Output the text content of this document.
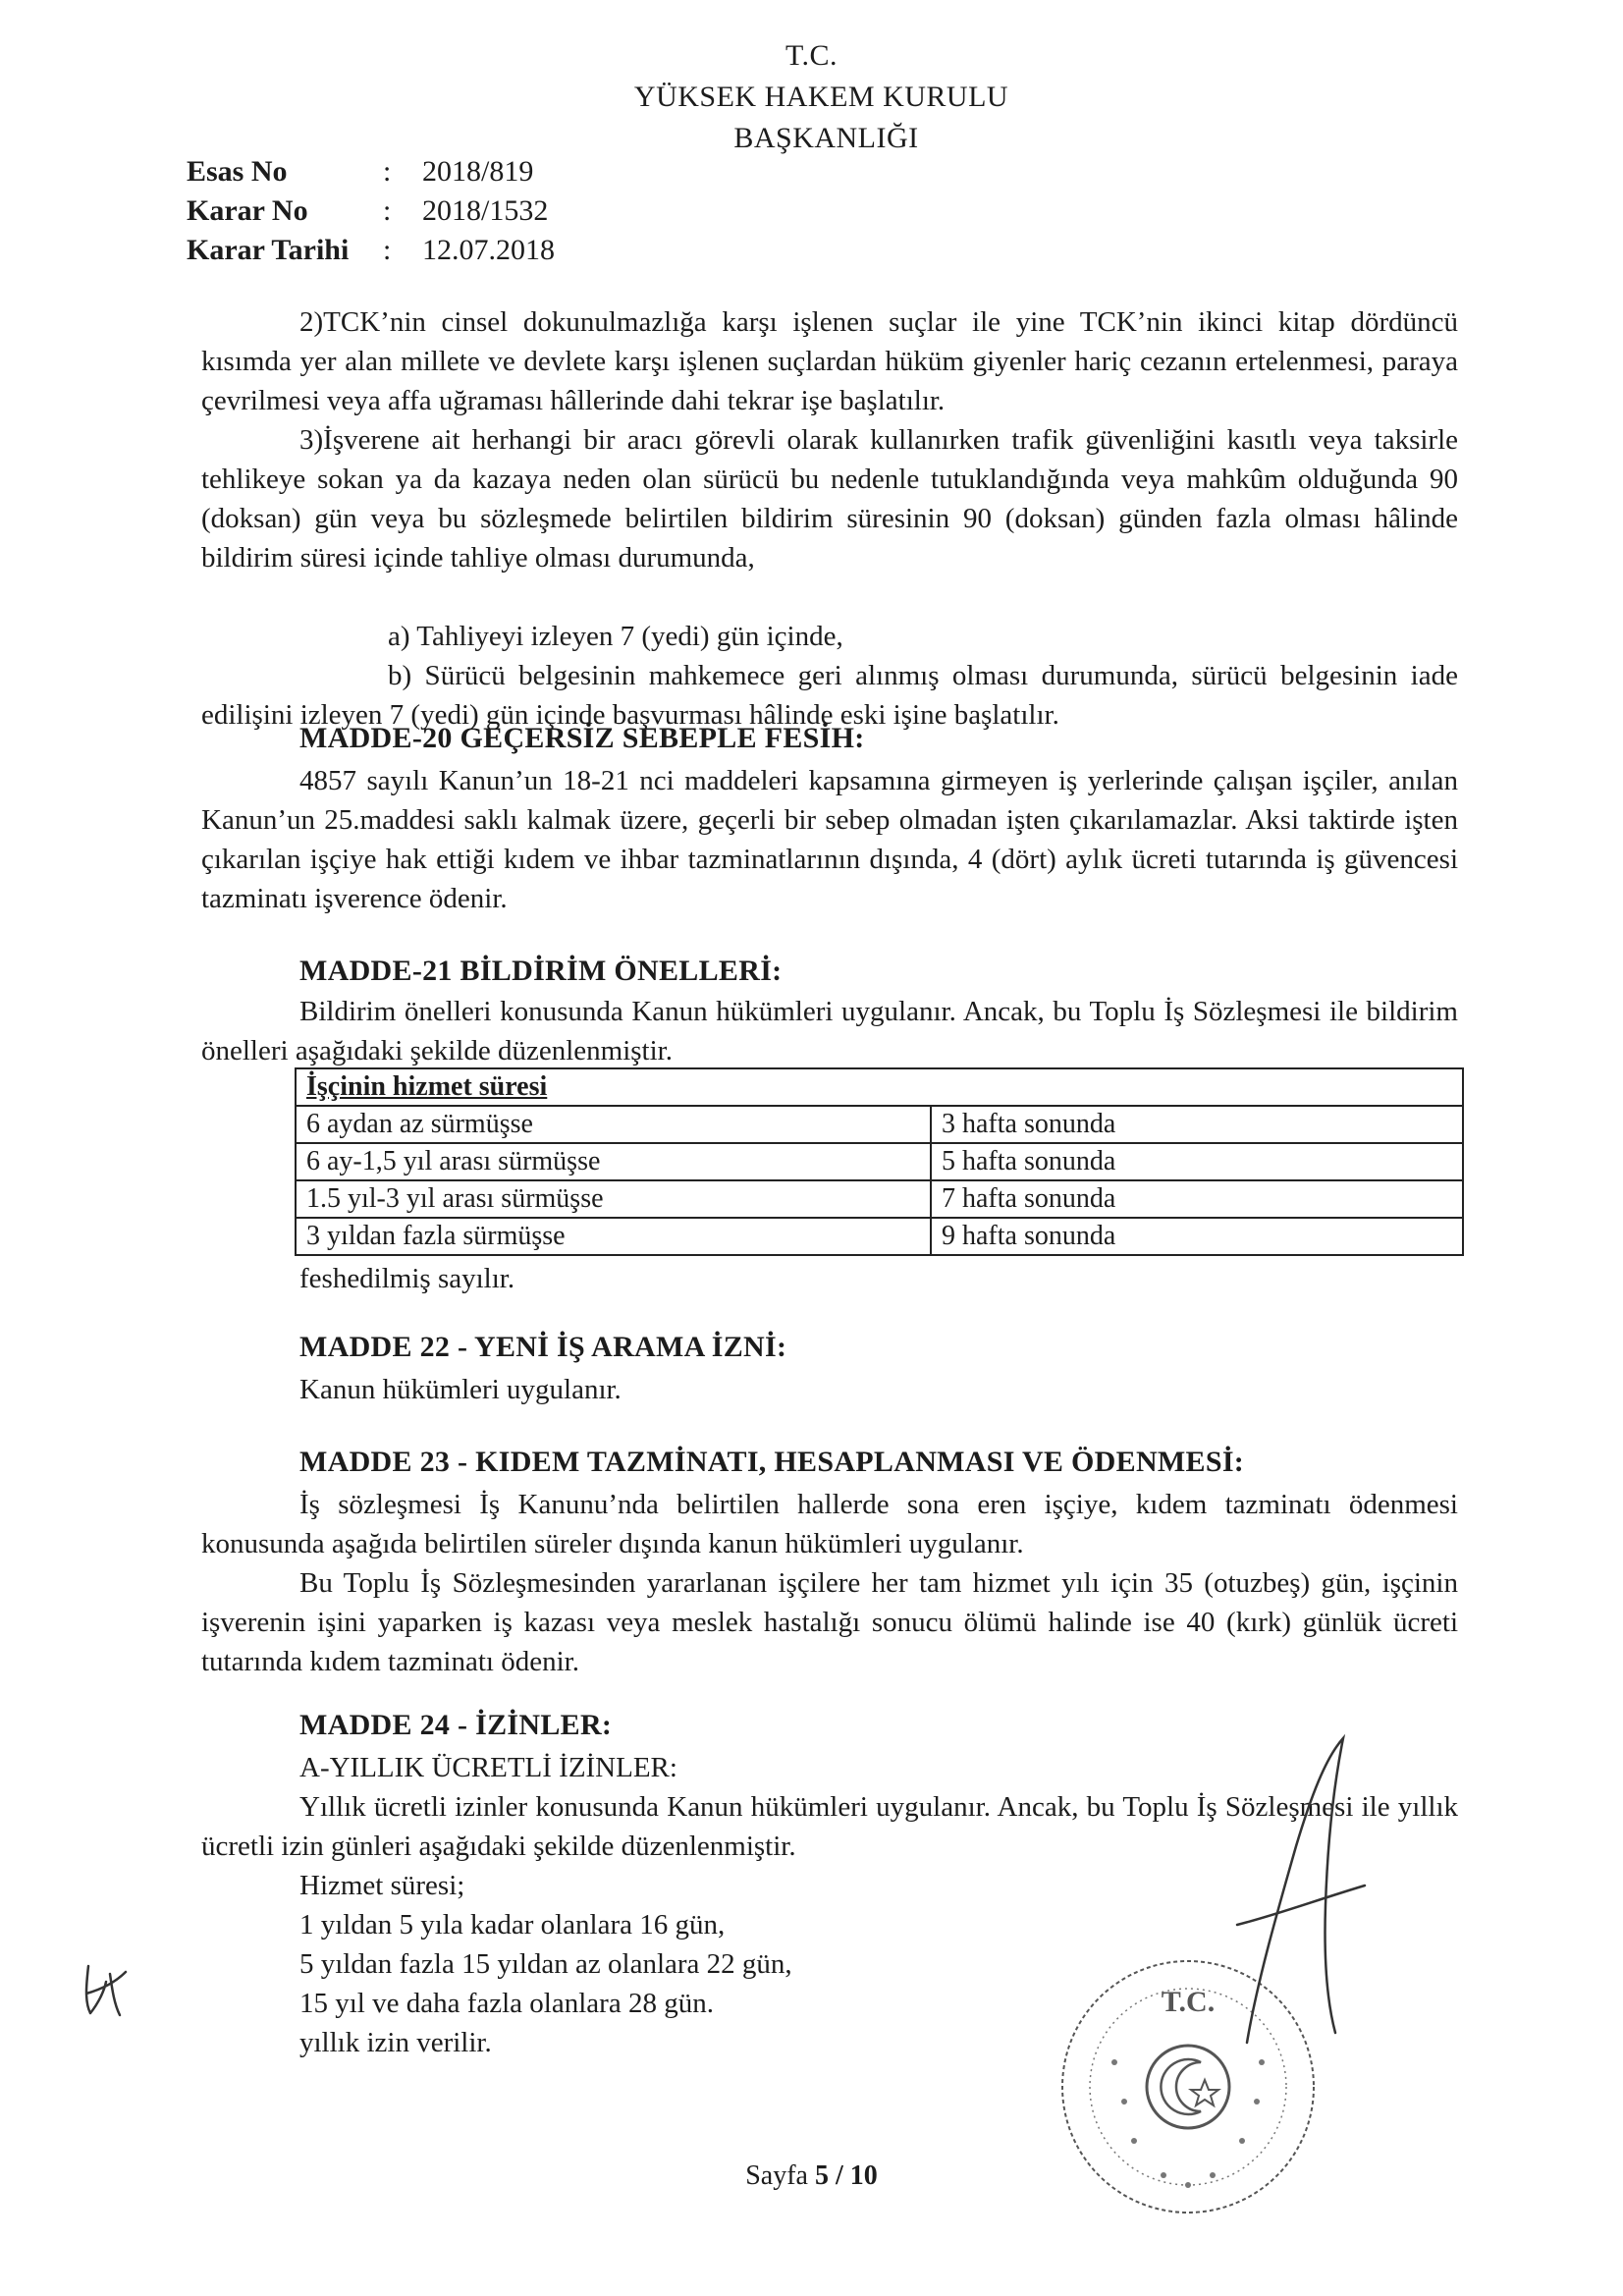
T.C.
YÜKSEK HAKEM KURULU
BAŞKANLIĞI
Esas No	: 2018/819
Karar No	: 2018/1532
Karar Tarihi : 12.07.2018
2)TCK’nin cinsel dokunulmazlığa karşı işlenen suçlar ile yine TCK’nin ikinci kitap dördüncü kısımda yer alan millete ve devlete karşı işlenen suçlardan hüküm giyenler hariç cezanın ertelenmesi, paraya çevrilmesi veya affa uğraması hâllerinde dahi tekrar işe başlatılır.
3)İşverene ait herhangi bir aracı görevli olarak kullanırken trafik güvenliğini kasıtlı veya taksirle tehlikeye sokan ya da kazaya neden olan sürücü bu nedenle tutuklandığında veya mahkûm olduğunda 90 (doksan) gün veya bu sözleşmede belirtilen bildirim süresinin 90 (doksan) günden fazla olması hâlinde bildirim süresi içinde tahliye olması durumunda,
a) Tahliyeyi izleyen 7 (yedi) gün içinde,
b) Sürücü belgesinin mahkemece geri alınmış olması durumunda, sürücü belgesinin iade edilişini izleyen 7 (yedi) gün içinde başvurması hâlinde eski işine başlatılır.
MADDE-20 GEÇERSİZ SEBEPLE FESİH:
4857 sayılı Kanun’un 18-21 nci maddeleri kapsamına girmeyen iş yerlerinde çalışan işçiler, anılan Kanun’un 25.maddesi saklı kalmak üzere, geçerli bir sebep olmadan işten çıkarılamazlar. Aksi taktirde işten çıkarılan işçiye hak ettiği kıdem ve ihbar tazminatlarının dışında, 4 (dört) aylık ücreti tutarında iş güvencesi tazminatı işverence ödenir.
MADDE-21 BİLDİRİM ÖNELLERİ:
Bildirim önelleri konusunda Kanun hükümleri uygulanır. Ancak, bu Toplu İş Sözleşmesi ile bildirim önelleri aşağıdaki şekilde düzenlenmiştir.
İşçinin hizmet süresi	
6 aydan az sürmüşse	3 hafta sonunda
6 ay-1,5 yıl arası sürmüşse	5 hafta sonunda
1.5 yıl-3 yıl arası sürmüşse	7 hafta sonunda
3 yıldan fazla sürmüşse	9 hafta sonunda
feshedilmiş sayılır.
MADDE 22 - YENİ İŞ ARAMA İZNİ:
Kanun hükümleri uygulanır.
MADDE 23 - KIDEM TAZMİNATI, HESAPLANMASI VE ÖDENMESİ:
İş sözleşmesi İş Kanunu’nda belirtilen hallerde sona eren işçiye, kıdem tazminatı ödenmesi konusunda aşağıda belirtilen süreler dışında kanun hükümleri uygulanır.
Bu Toplu İş Sözleşmesinden yararlanan işçilere her tam hizmet yılı için 35 (otuzbeş) gün, işçinin işverenin işini yaparken iş kazası veya meslek hastalığı sonucu ölümü halinde ise 40 (kırk) günlük ücreti tutarında kıdem tazminatı ödenir.
MADDE 24 - İZİNLER:
A-YILLIK ÜCRETLİ İZİNLER:
Yıllık ücretli izinler konusunda Kanun hükümleri uygulanır. Ancak, bu Toplu İş Sözleşmesi ile yıllık ücretli izin günleri aşağıdaki şekilde düzenlenmiştir.
Hizmet süresi;
1 yıldan 5 yıla kadar olanlara 16 gün,
5 yıldan fazla 15 yıldan az olanlara 22 gün,
15 yıl ve daha fazla olanlara 28 gün.
yıllık izin verilir.
Sayfa 5 / 10
T.C.
